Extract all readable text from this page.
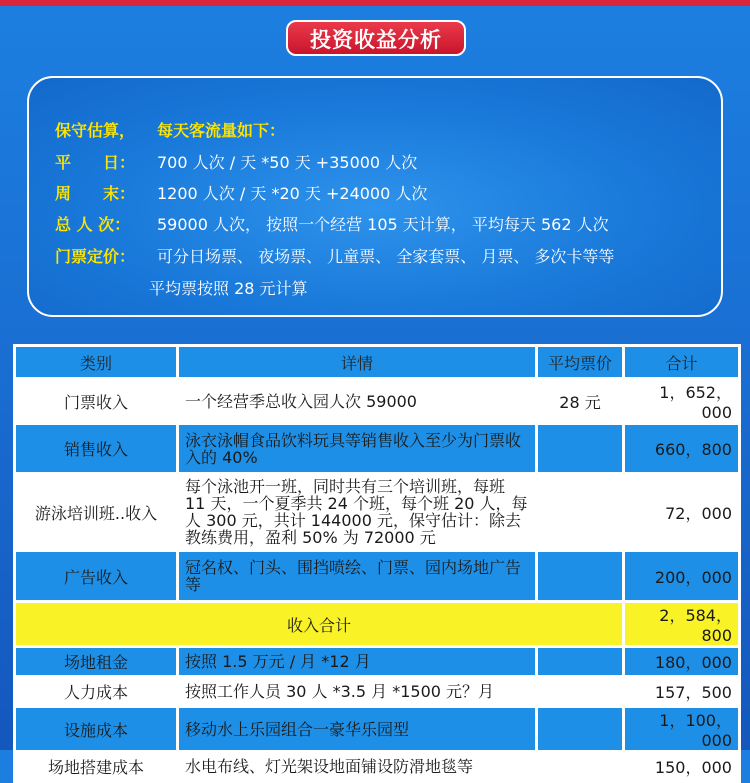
投资收益分析
保守估算， 每天客流量如下：
平　　日： 700 人次 / 天 *50 天 +35000 人次
周　　末： 1200 人次 / 天 *20 天 +24000 人次
总 人 次： 59000 人次， 按照一个经营 105 天计算， 平均每天 562 人次
门票定价： 可分日场票、 夜场票、 儿童票、 全家套票、 月票、 多次卡等等
平均票按照 28 元计算
类别	详情	平均票价	合计
门票收入	一个经营季总收入园人次 59000	28 元	1，652，000
销售收入	泳衣泳帽食品饮料玩具等销售收入至少为门票收入的 40%		660，800
游泳培训班..收入	每个泳池开一班，同时共有三个培训班，每班 11 天，一个夏季共 24 个班，每个班 20 人，每人 300 元，共计 144000 元，保守估计：除去教练费用，盈利 50% 为 72000 元		72，000
广告收入	冠名权、门头、围挡喷绘、门票、园内场地广告等		200，000
收入合计			2，584，800
场地租金	按照 1.5 万元 / 月 *12 月		180，000
人力成本	按照工作人员 30 人 *3.5 月 *1500 元？月		157，500
设施成本	移动水上乐园组合一豪华乐园型		1，100，000
场地搭建成本	水电布线、灯光架设地面铺设防滑地毯等		150，000
